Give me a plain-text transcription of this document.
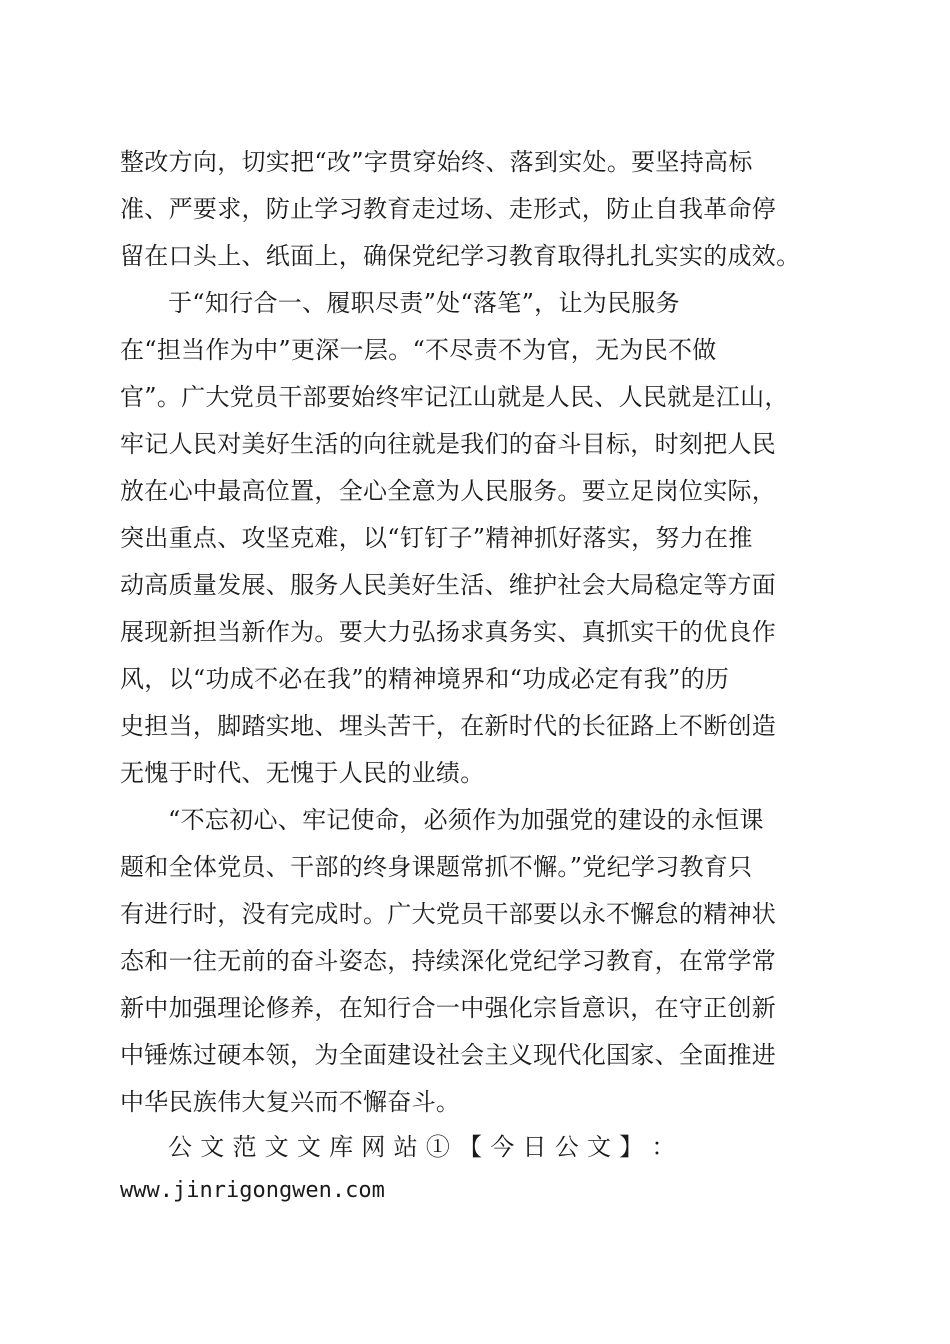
整改方向，切实把“改”字贯穿始终、落到实处。要坚持高标
准、严要求，防止学习教育走过场、走形式，防止自我革命停
留在口头上、纸面上，确保党纪学习教育取得扎扎实实的成效。
于“知行合一、履职尽责”处“落笔”，让为民服务
在“担当作为中”更深一层。“不尽责不为官，无为民不做
官”。广大党员干部要始终牢记江山就是人民、人民就是江山，
牢记人民对美好生活的向往就是我们的奋斗目标，时刻把人民
放在心中最高位置，全心全意为人民服务。要立足岗位实际，
突出重点、攻坚克难，以“钉钉子”精神抓好落实，努力在推
动高质量发展、服务人民美好生活、维护社会大局稳定等方面
展现新担当新作为。要大力弘扬求真务实、真抓实干的优良作
风，以“功成不必在我”的精神境界和“功成必定有我”的历
史担当，脚踏实地、埋头苦干，在新时代的长征路上不断创造
无愧于时代、无愧于人民的业绩。
“不忘初心、牢记使命，必须作为加强党的建设的永恒课
题和全体党员、干部的终身课题常抓不懈。”党纪学习教育只
有进行时，没有完成时。广大党员干部要以永不懈怠的精神状
态和一往无前的奋斗姿态，持续深化党纪学习教育，在常学常
新中加强理论修养，在知行合一中强化宗旨意识，在守正创新
中锤炼过硬本领，为全面建设社会主义现代化国家、全面推进
中华民族伟大复兴而不懈奋斗。
公 文 范 文 文 库 网 站 ① 【 今 日 公 文 】 ：
www.jinrigongwen.com
